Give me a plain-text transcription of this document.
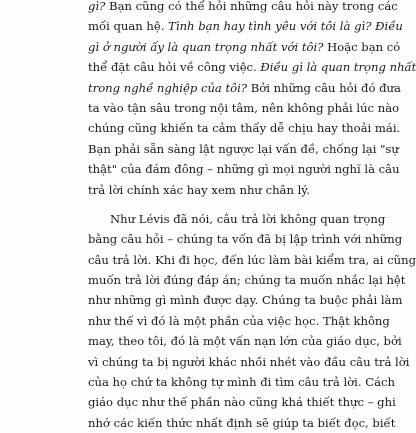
gì? Bạn cũng có thể hỏi những câu hỏi này trong các
mối quan hệ. Tình bạn hay tình yêu với tôi là gì? Điều
gì ở người ấy là quan trọng nhất với tôi? Hoặc bạn có
thể đặt câu hỏi về công việc. Điều gì là quan trọng nhất
trong nghề nghiệp của tôi? Bởi những câu hỏi đó đưa
ta vào tận sâu trong nội tâm, nên không phải lúc nào
chúng cũng khiến ta cảm thấy dễ chịu hay thoải mái.
Bạn phải sẵn sàng lật ngược lại vấn đề, chống lại "sự
thật" của đám đông – những gì mọi người nghĩ là câu
trả lời chính xác hay xem như chân lý.
Như Lévis đã nói, câu trả lời không quan trọng
bằng câu hỏi – chúng ta vốn đã bị lập trình với những
câu trả lời. Khi đi học, đến lúc làm bài kiểm tra, ai cũng
muốn trả lời đúng đáp án; chúng ta muốn nhắc lại hệt
như những gì mình được dạy. Chúng ta buộc phải làm
như thế vì đó là một phần của việc học. Thật không
may, theo tôi, đó là một vấn nạn lớn của giáo dục, bởi
vì chúng ta bị người khác nhồi nhét vào đầu câu trả lời
của họ chứ ta không tự mình đi tìm câu trả lời. Cách
giáo dục như thế phần nào cũng khá thiết thực – ghi
nhớ các kiến thức nhất định sẽ giúp ta biết đọc, biết
